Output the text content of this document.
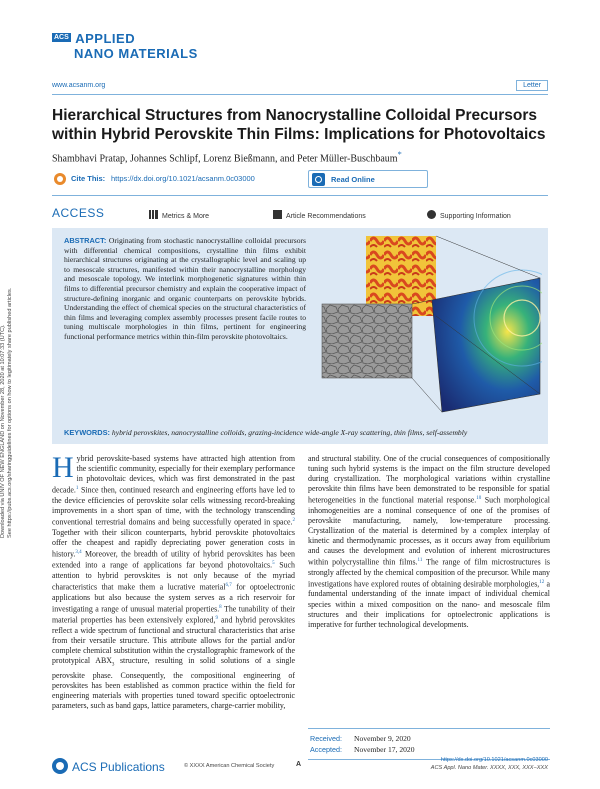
Downloaded via UNIV OF NEW ENGLAND on November 28, 2020 at 10:07:33 (UTC). See https://pubs.acs.org/sharingguidelines for options on how to legitimately share published articles.
ACS APPLIED
NANO MATERIALS
www.acsanm.org	Letter
Hierarchical Structures from Nanocrystalline Colloidal Precursors
within Hybrid Perovskite Thin Films: Implications for Photovoltaics
Shambhavi Pratap, Johannes Schlipf, Lorenz Bießmann, and Peter Müller-Buschbaum*
Cite This: https://dx.doi.org/10.1021/acsanm.0c03000	Read Online
ACCESS	Metrics & More	Article Recommendations	Supporting Information
ABSTRACT: Originating from stochastic nanocrystalline colloidal precursors with differential chemical compositions, crystalline thin films exhibit hierarchical structures originating at the crystallographic level and scaling up to mesoscale structures, manifested within their nanocrystalline morphology and mesoscale topology. We interlink morphogenetic signatures within thin films to differential precursor chemistry and explain the cooperative impact of structure-defining inorganic and organic counterparts on perovskite hybrids. Understanding the effect of chemical species on the structural characteristics of thin films and leveraging complex assembly processes present facile routes to tuning multiscale morphologies in thin films, pertinent for engineering functional performance metrics within thin-film perovskite photovoltaics.
KEYWORDS: hybrid perovskites, nanocrystalline colloids, grazing-incidence wide-angle X-ray scattering, thin films, self-assembly
Hybrid perovskite-based systems have attracted high attention from the scientific community, especially for their exemplary performance in photovoltaic devices, which was first demonstrated in the past decade.$^1$ Since then, continued research and engineering efforts have led to the device efficiencies of perovskite solar cells witnessing record-breaking improvements in a short span of time, with the technology transcending conventional terrestrial domains and being successfully operated in space.$^2$ Together with their silicon counterparts, hybrid perovskite photovoltaics offer the cheapest and rapidly depreciating power generation costs in history.$^{3,4}$ Moreover, the breadth of utility of hybrid perovskites has been extended into a range of applications far beyond photovoltaics.$^5$ Such attention to hybrid perovskites is not only because of the myriad characteristics that make them a lucrative material$^{6,7}$ for optoelectronic applications but also because the system serves as a rich reservoir for investigating a range of unusual material properties.$^8$ The tunability of their material properties has been extensively explored,$^9$ and hybrid perovskites reflect a wide spectrum of functional and structural characteristics that arise from their versatile structure. This attribute allows for the partial and/or complete chemical substitution within the crystallographic framework of the prototypical $ABX_3$ structure, resulting in solid solutions of a single perovskite phase. Consequently, the compositional engineering of perovskites has been established as common practice within the field for engineering materials with properties tuned toward specific optoelectronic parameters, such as band gaps, lattice parameters, charge-carrier mobility,
and structural stability. One of the crucial consequences of compositionally tuning such hybrid systems is the impact on the film structure developed during crystallization. The morphological variations within crystalline perovskite thin films have been demonstrated to be responsible for spatial heterogeneities in the functional material response.$^{10}$ Such morphological inhomogeneities are a nominal consequence of one of the promises of perovskite manufacturing, namely, low-temperature processing. Crystallization of the material is determined by a complex interplay of kinetic and thermodynamic processes, as it occurs away from equilibrium and causes the development and evolution of inherent microstructures within polycrystalline thin films.$^{11}$ The range of film microstructures is strongly affected by the chemical composition of the precursor. While many investigations have explored routes of obtaining desirable morphologies,$^{12}$ a fundamental understanding of the innate impact of individual chemical species within a mixed composition on the nano- and mesoscale film structures and their implications for optoelectronic applications is imperative for further technological developments.
Received: November 9, 2020
Accepted: November 17, 2020
ACS Publications	© XXXX American Chemical Society	A
https://dx.doi.org/10.1021/acsanm.0c03000
ACS Appl. Nano Mater. XXXX, XXX, XXX−XXX
